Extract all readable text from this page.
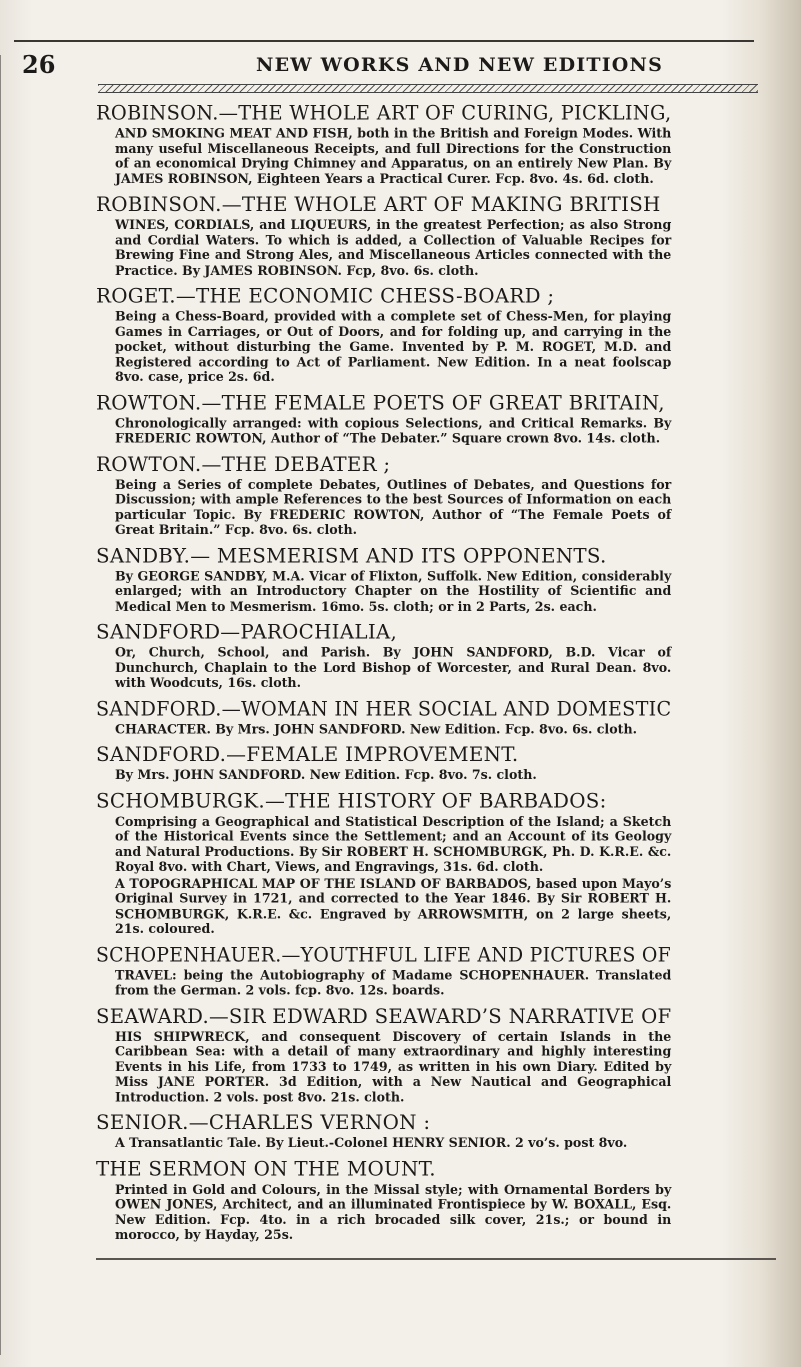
26	NEW WORKS AND NEW EDITIONS
ROBINSON.—THE WHOLE ART OF CURING, PICKLING,
AND SMOKING MEAT AND FISH, both in the British and Foreign Modes. With many useful Miscellaneous Receipts, and full Directions for the Construction of an economical Drying Chimney and Apparatus, on an entirely New Plan. By JAMES ROBINSON, Eighteen Years a Practical Curer. Fcp. 8vo. 4s. 6d. cloth.
ROBINSON.—THE WHOLE ART OF MAKING BRITISH
WINES, CORDIALS, and LIQUEURS, in the greatest Perfection; as also Strong and Cordial Waters. To which is added, a Collection of Valuable Recipes for Brewing Fine and Strong Ales, and Miscellaneous Articles connected with the Practice. By JAMES ROBINSON. Fcp, 8vo. 6s. cloth.
ROGET.—THE ECONOMIC CHESS-BOARD ;
Being a Chess-Board, provided with a complete set of Chess-Men, for playing Games in Carriages, or Out of Doors, and for folding up, and carrying in the pocket, without disturbing the Game. Invented by P. M. ROGET, M.D. and Registered according to Act of Parliament. New Edition. In a neat foolscap 8vo. case, price 2s. 6d.
ROWTON.—THE FEMALE POETS OF GREAT BRITAIN,
Chronologically arranged: with copious Selections, and Critical Remarks. By FREDERIC ROWTON, Author of “The Debater.” Square crown 8vo. 14s. cloth.
ROWTON.—THE DEBATER ;
Being a Series of complete Debates, Outlines of Debates, and Questions for Discussion; with ample References to the best Sources of Information on each particular Topic. By FREDERIC ROWTON, Author of “The Female Poets of Great Britain.” Fcp. 8vo. 6s. cloth.
SANDBY.— MESMERISM AND ITS OPPONENTS.
By GEORGE SANDBY, M.A. Vicar of Flixton, Suffolk. New Edition, considerably enlarged; with an Introductory Chapter on the Hostility of Scientific and Medical Men to Mesmerism. 16mo. 5s. cloth; or in 2 Parts, 2s. each.
SANDFORD—PAROCHIALIA,
Or, Church, School, and Parish. By JOHN SANDFORD, B.D. Vicar of Dunchurch, Chaplain to the Lord Bishop of Worcester, and Rural Dean. 8vo. with Woodcuts, 16s. cloth.
SANDFORD.—WOMAN IN HER SOCIAL AND DOMESTIC
CHARACTER. By Mrs. JOHN SANDFORD. New Edition. Fcp. 8vo. 6s. cloth.
SANDFORD.—FEMALE IMPROVEMENT.
By Mrs. JOHN SANDFORD. New Edition. Fcp. 8vo. 7s. cloth.
SCHOMBURGK.—THE HISTORY OF BARBADOS:
Comprising a Geographical and Statistical Description of the Island; a Sketch of the Historical Events since the Settlement; and an Account of its Geology and Natural Productions. By Sir ROBERT H. SCHOMBURGK, Ph. D. K.R.E. &c. Royal 8vo. with Chart, Views, and Engravings, 31s. 6d. cloth.
A TOPOGRAPHICAL MAP OF THE ISLAND OF BARBADOS, based upon Mayo’s Original Survey in 1721, and corrected to the Year 1846. By Sir ROBERT H. SCHOMBURGK, K.R.E. &c. Engraved by ARROWSMITH, on 2 large sheets, 21s. coloured.
SCHOPENHAUER.—YOUTHFUL LIFE AND PICTURES OF
TRAVEL: being the Autobiography of Madame SCHOPENHAUER. Translated from the German. 2 vols. fcp. 8vo. 12s. boards.
SEAWARD.—SIR EDWARD SEAWARD’S NARRATIVE OF
HIS SHIPWRECK, and consequent Discovery of certain Islands in the Caribbean Sea: with a detail of many extraordinary and highly interesting Events in his Life, from 1733 to 1749, as written in his own Diary. Edited by Miss JANE PORTER. 3d Edition, with a New Nautical and Geographical Introduction. 2 vols. post 8vo. 21s. cloth.
SENIOR.—CHARLES VERNON :
A Transatlantic Tale. By Lieut.-Colonel HENRY SENIOR. 2 vo’s. post 8vo.
THE SERMON ON THE MOUNT.
Printed in Gold and Colours, in the Missal style; with Ornamental Borders by OWEN JONES, Architect, and an illuminated Frontispiece by W. BOXALL, Esq. New Edition. Fcp. 4to. in a rich brocaded silk cover, 21s.; or bound in morocco, by Hayday, 25s.
